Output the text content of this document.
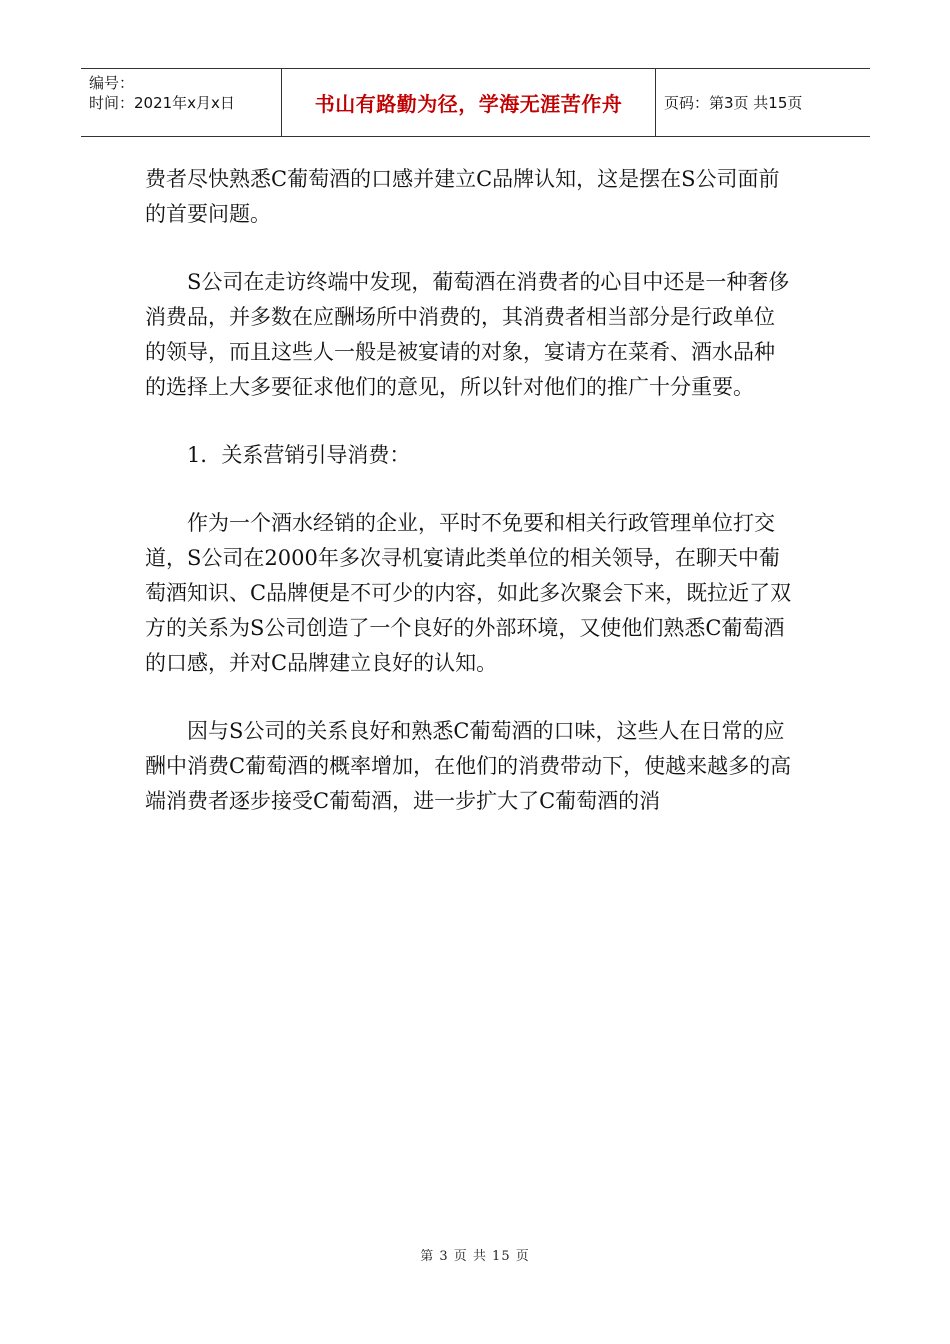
编号：
时间：2021年x月x日	书山有路勤为径，学海无涯苦作舟	页码：第3页 共15页

费者尽快熟悉C葡萄酒的口感并建立C品牌认知，这是摆在S公司面前的首要问题。

S公司在走访终端中发现，葡萄酒在消费者的心目中还是一种奢侈消费品，并多数在应酬场所中消费的，其消费者相当部分是行政单位的领导，而且这些人一般是被宴请的对象，宴请方在菜肴、酒水品种的选择上大多要征求他们的意见，所以针对他们的推广十分重要。

1．关系营销引导消费：

作为一个酒水经销的企业，平时不免要和相关行政管理单位打交道，S公司在2000年多次寻机宴请此类单位的相关领导，在聊天中葡萄酒知识、C品牌便是不可少的内容，如此多次聚会下来，既拉近了双方的关系为S公司创造了一个良好的外部环境，又使他们熟悉C葡萄酒的口感，并对C品牌建立良好的认知。

因与S公司的关系良好和熟悉C葡萄酒的口味，这些人在日常的应酬中消费C葡萄酒的概率增加，在他们的消费带动下，使越来越多的高端消费者逐步接受C葡萄酒，进一步扩大了C葡萄酒的消

第 3 页 共 15 页
